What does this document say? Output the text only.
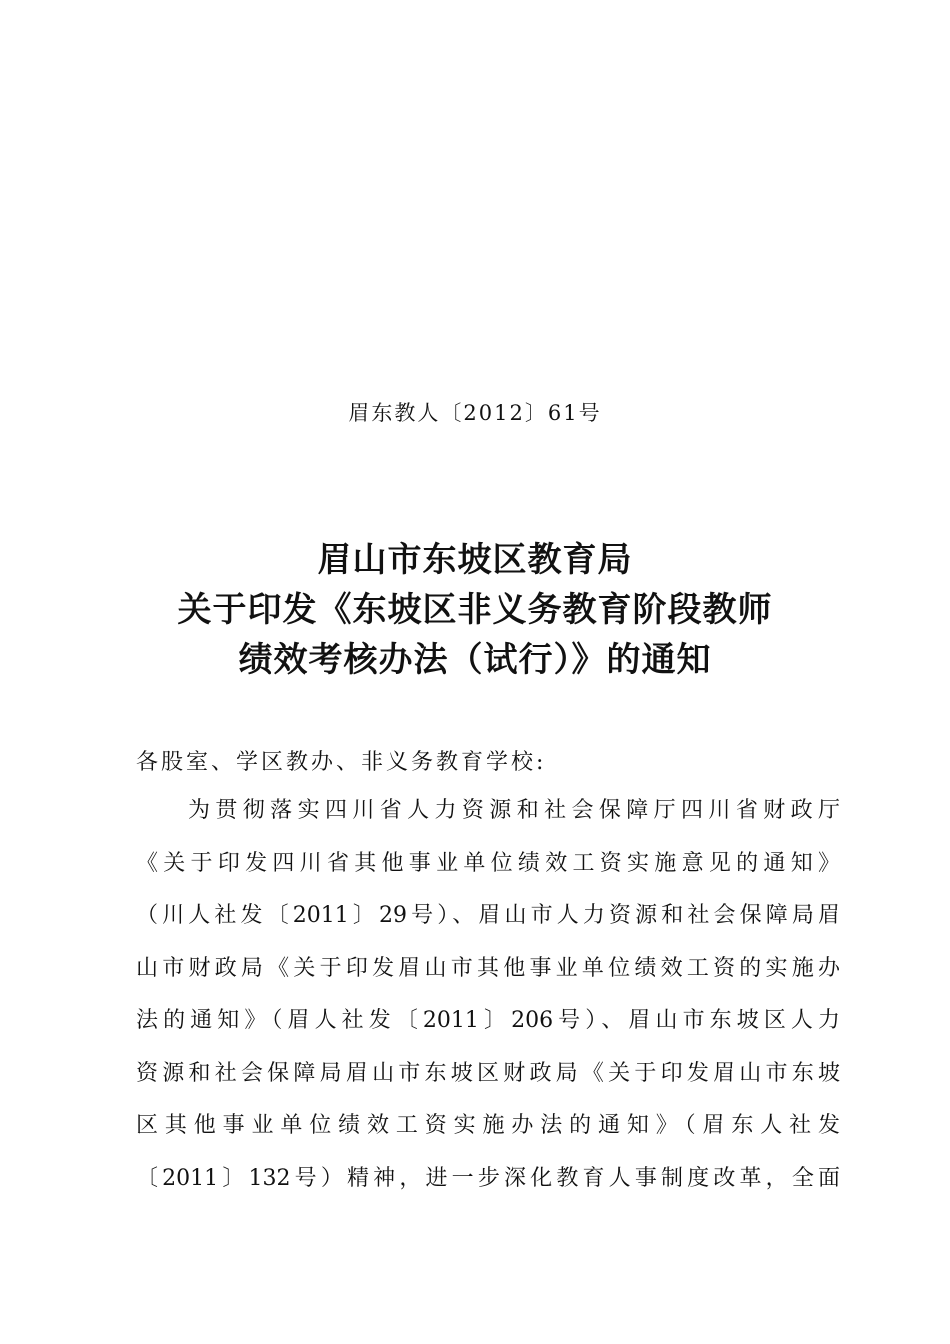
眉东教人〔2012〕61号
眉山市东坡区教育局
关于印发《东坡区非义务教育阶段教师
绩效考核办法（试行）》的通知
各股室、学区教办、非义务教育学校:
为贯彻落实四川省人力资源和社会保障厅四川省财政厅
《关于印发四川省其他事业单位绩效工资实施意见的通知》
（川人社发〔2011〕29号）、眉山市人力资源和社会保障局眉
山市财政局《关于印发眉山市其他事业单位绩效工资的实施办
法的通知》（眉人社发〔2011〕206号）、眉山市东坡区人力
资源和社会保障局眉山市东坡区财政局《关于印发眉山市东坡
区其他事业单位绩效工资实施办法的通知》（眉东人社发
〔2011〕132号）精神，进一步深化教育人事制度改革，全面
